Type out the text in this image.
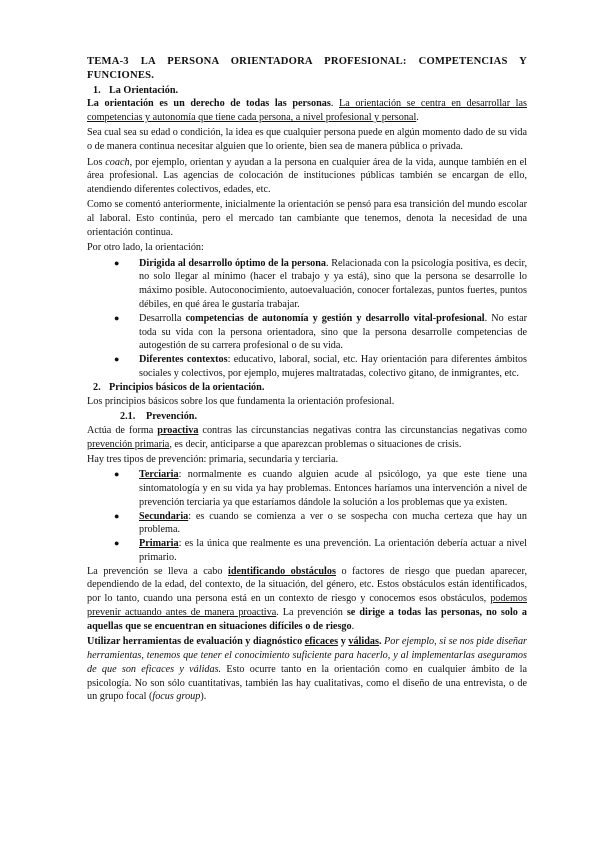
TEMA-3 LA PERSONA ORIENTADORA PROFESIONAL: COMPETENCIAS Y FUNCIONES.

1. La Orientación.

La orientación es un derecho de todas las personas. La orientación se centra en desarrollar las competencias y autonomía que tiene cada persona, a nivel profesional y personal.

Sea cual sea su edad o condición, la idea es que cualquier persona puede en algún momento dado de su vida o de manera continua necesitar alguien que lo oriente, bien sea de manera pública o privada.

Los coach, por ejemplo, orientan y ayudan a la persona en cualquier área de la vida, aunque también en el área profesional. Las agencias de colocación de instituciones públicas también se encargan de ello, atendiendo diferentes colectivos, edades, etc.

Como se comentó anteriormente, inicialmente la orientación se pensó para esa transición del mundo escolar al laboral. Esto continúa, pero el mercado tan cambiante que tenemos, denota la necesidad de una orientación continua.

Por otro lado, la orientación:

● Dirigida al desarrollo óptimo de la persona. Relacionada con la psicología positiva, es decir, no solo llegar al mínimo (hacer el trabajo y ya está), sino que la persona se desarrolle lo máximo posible. Autoconocimiento, autoevaluación, conocer fortalezas, puntos fuertes, puntos débiles, en qué área le gustaría trabajar.
● Desarrolla competencias de autonomía y gestión y desarrollo vital-profesional. No estar toda su vida con la persona orientadora, sino que la persona desarrolle competencias de autogestión de su carrera profesional o de su vida.
● Diferentes contextos: educativo, laboral, social, etc. Hay orientación para diferentes ámbitos sociales y colectivos, por ejemplo, mujeres maltratadas, colectivo gitano, de inmigrantes, etc.

2. Principios básicos de la orientación.

Los principios básicos sobre los que fundamenta la orientación profesional.

2.1. Prevención.

Actúa de forma proactiva contras las circunstancias negativas contra las circunstancias negativas como prevención primaria, es decir, anticiparse a que aparezcan problemas o situaciones de crisis.

Hay tres tipos de prevención: primaria, secundaria y terciaria.

● Terciaria: normalmente es cuando alguien acude al psicólogo, ya que este tiene una sintomatología y en su vida ya hay problemas. Entonces haríamos una intervención a nivel de prevención terciaria ya que estaríamos dándole la solución a los problemas que ya existen.
● Secundaria: es cuando se comienza a ver o se sospecha con mucha certeza que hay un problema.
● Primaria: es la única que realmente es una prevención. La orientación debería actuar a nivel primario.

La prevención se lleva a cabo identificando obstáculos o factores de riesgo que puedan aparecer, dependiendo de la edad, del contexto, de la situación, del género, etc. Estos obstáculos están identificados, por lo tanto, cuando una persona está en un contexto de riesgo y conocemos esos obstáculos, podemos prevenir actuando antes de manera proactiva. La prevención se dirige a todas las personas, no solo a aquellas que se encuentran en situaciones difíciles o de riesgo.

Utilizar herramientas de evaluación y diagnóstico eficaces y válidas. Por ejemplo, si se nos pide diseñar herramientas, tenemos que tener el conocimiento suficiente para hacerlo, y al implementarlas aseguramos de que son eficaces y válidas. Esto ocurre tanto en la orientación como en cualquier ámbito de la psicología. No son sólo cuantitativas, también las hay cualitativas, como el diseño de una entrevista, o de un grupo focal (focus group).
